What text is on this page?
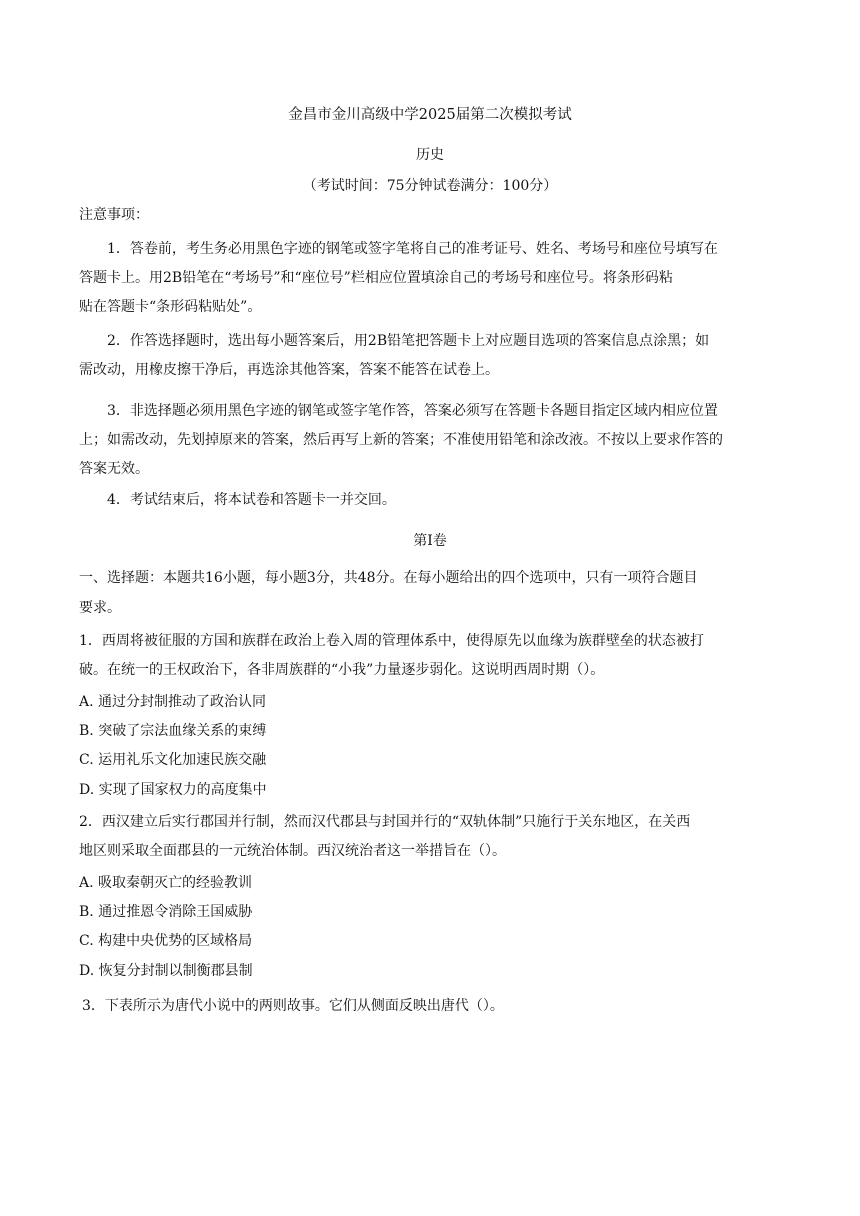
金昌市金川高级中学2025届第二次模拟考试
历史
（考试时间：75分钟试卷满分：100分）
注意事项：
1．答卷前，考生务必用黑色字迹的钢笔或签字笔将自己的准考证号、姓名、考场号和座位号填写在
答题卡上。用2B铅笔在“考场号”和“座位号”栏相应位置填涂自己的考场号和座位号。将条形码粘
贴在答题卡“条形码粘贴处”。
2．作答选择题时，选出每小题答案后，用2B铅笔把答题卡上对应题目选项的答案信息点涂黑；如
需改动，用橡皮擦干净后，再选涂其他答案，答案不能答在试卷上。
3．非选择题必须用黑色字迹的钢笔或签字笔作答，答案必须写在答题卡各题目指定区域内相应位置
上；如需改动，先划掉原来的答案，然后再写上新的答案；不准使用铅笔和涂改液。不按以上要求作答的
答案无效。
4．考试结束后，将本试卷和答题卡一并交回。
第I卷
一、选择题：本题共16小题，每小题3分，共48分。在每小题给出的四个选项中，只有一项符合题目
要求。
1．西周将被征服的方国和族群在政治上卷入周的管理体系中，使得原先以血缘为族群壁垒的状态被打
破。在统一的王权政治下，各非周族群的“小我”力量逐步弱化。这说明西周时期（）。
A. 通过分封制推动了政治认同
B. 突破了宗法血缘关系的束缚
C. 运用礼乐文化加速民族交融
D. 实现了国家权力的高度集中
2．西汉建立后实行郡国并行制，然而汉代郡县与封国并行的“双轨体制”只施行于关东地区，在关西
地区则采取全面郡县的一元统治体制。西汉统治者这一举措旨在（）。
A. 吸取秦朝灭亡的经验教训
B. 通过推恩令消除王国威胁
C. 构建中央优势的区域格局
D. 恢复分封制以制衡郡县制
3．下表所示为唐代小说中的两则故事。它们从侧面反映出唐代（）。
